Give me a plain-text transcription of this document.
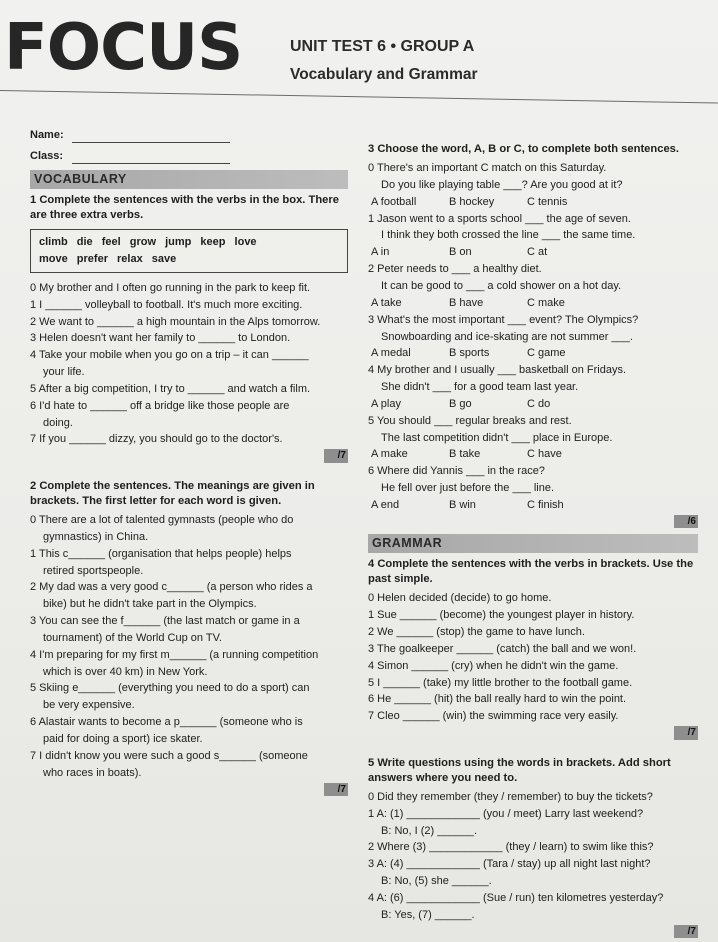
FOCUS	UNIT TEST 6 • GROUP A
Vocabulary and Grammar
Name:
Class:
VOCABULARY
1 Complete the sentences with the verbs in the box. There are three extra verbs.
climb die feel grow jump keep love
move prefer relax save
0 My brother and I often go running in the park to keep fit.
1 I ______ volleyball to football. It's much more exciting.
2 We want to ______ a high mountain in the Alps tomorrow.
3 Helen doesn't want her family to ______ to London.
4 Take your mobile when you go on a trip – it can ______
your life.
5 After a big competition, I try to ______ and watch a film.
6 I'd hate to ______ off a bridge like those people are
doing.
7 If you ______ dizzy, you should go to the doctor's.
/7
2 Complete the sentences. The meanings are given in brackets. The first letter for each word is given.
0 There are a lot of talented gymnasts (people who do
gymnastics) in China.
1 This c______ (organisation that helps people) helps
retired sportspeople.
2 My dad was a very good c______ (a person who rides a
bike) but he didn't take part in the Olympics.
3 You can see the f______ (the last match or game in a
tournament) of the World Cup on TV.
4 I'm preparing for my first m______ (a running competition
which is over 40 km) in New York.
5 Skiing e______ (everything you need to do a sport) can
be very expensive.
6 Alastair wants to become a p______ (someone who is
paid for doing a sport) ice skater.
7 I didn't know you were such a good s______ (someone
who races in boats).
/7
3 Choose the word, A, B or C, to complete both sentences.
0 There's an important C match on this Saturday.
Do you like playing table ___? Are you good at it?
A football	B hockey	C tennis
1 Jason went to a sports school ___ the age of seven.
I think they both crossed the line ___ the same time.
A in	B on	C at
2 Peter needs to ___ a healthy diet.
It can be good to ___ a cold shower on a hot day.
A take	B have	C make
3 What's the most important ___ event? The Olympics?
Snowboarding and ice-skating are not summer ___.
A medal	B sports	C game
4 My brother and I usually ___ basketball on Fridays.
She didn't ___ for a good team last year.
A play	B go	C do
5 You should ___ regular breaks and rest.
The last competition didn't ___ place in Europe.
A make	B take	C have
6 Where did Yannis ___ in the race?
He fell over just before the ___ line.
A end	B win	C finish
/6
GRAMMAR
4 Complete the sentences with the verbs in brackets. Use the past simple.
0 Helen decided (decide) to go home.
1 Sue ______ (become) the youngest player in history.
2 We ______ (stop) the game to have lunch.
3 The goalkeeper ______ (catch) the ball and we won!.
4 Simon ______ (cry) when he didn't win the game.
5 I ______ (take) my little brother to the football game.
6 He ______ (hit) the ball really hard to win the point.
7 Cleo ______ (win) the swimming race very easily.
/7
5 Write questions using the words in brackets. Add short answers where you need to.
0 Did they remember (they / remember) to buy the tickets?
1 A: (1) ____________ (you / meet) Larry last weekend?
B: No, I (2) ______.
2 Where (3) ____________ (they / learn) to swim like this?
3 A: (4) ____________ (Tara / stay) up all night last night?
B: No, (5) she ______.
4 A: (6) ____________ (Sue / run) ten kilometres yesterday?
B: Yes, (7) ______.
/7
